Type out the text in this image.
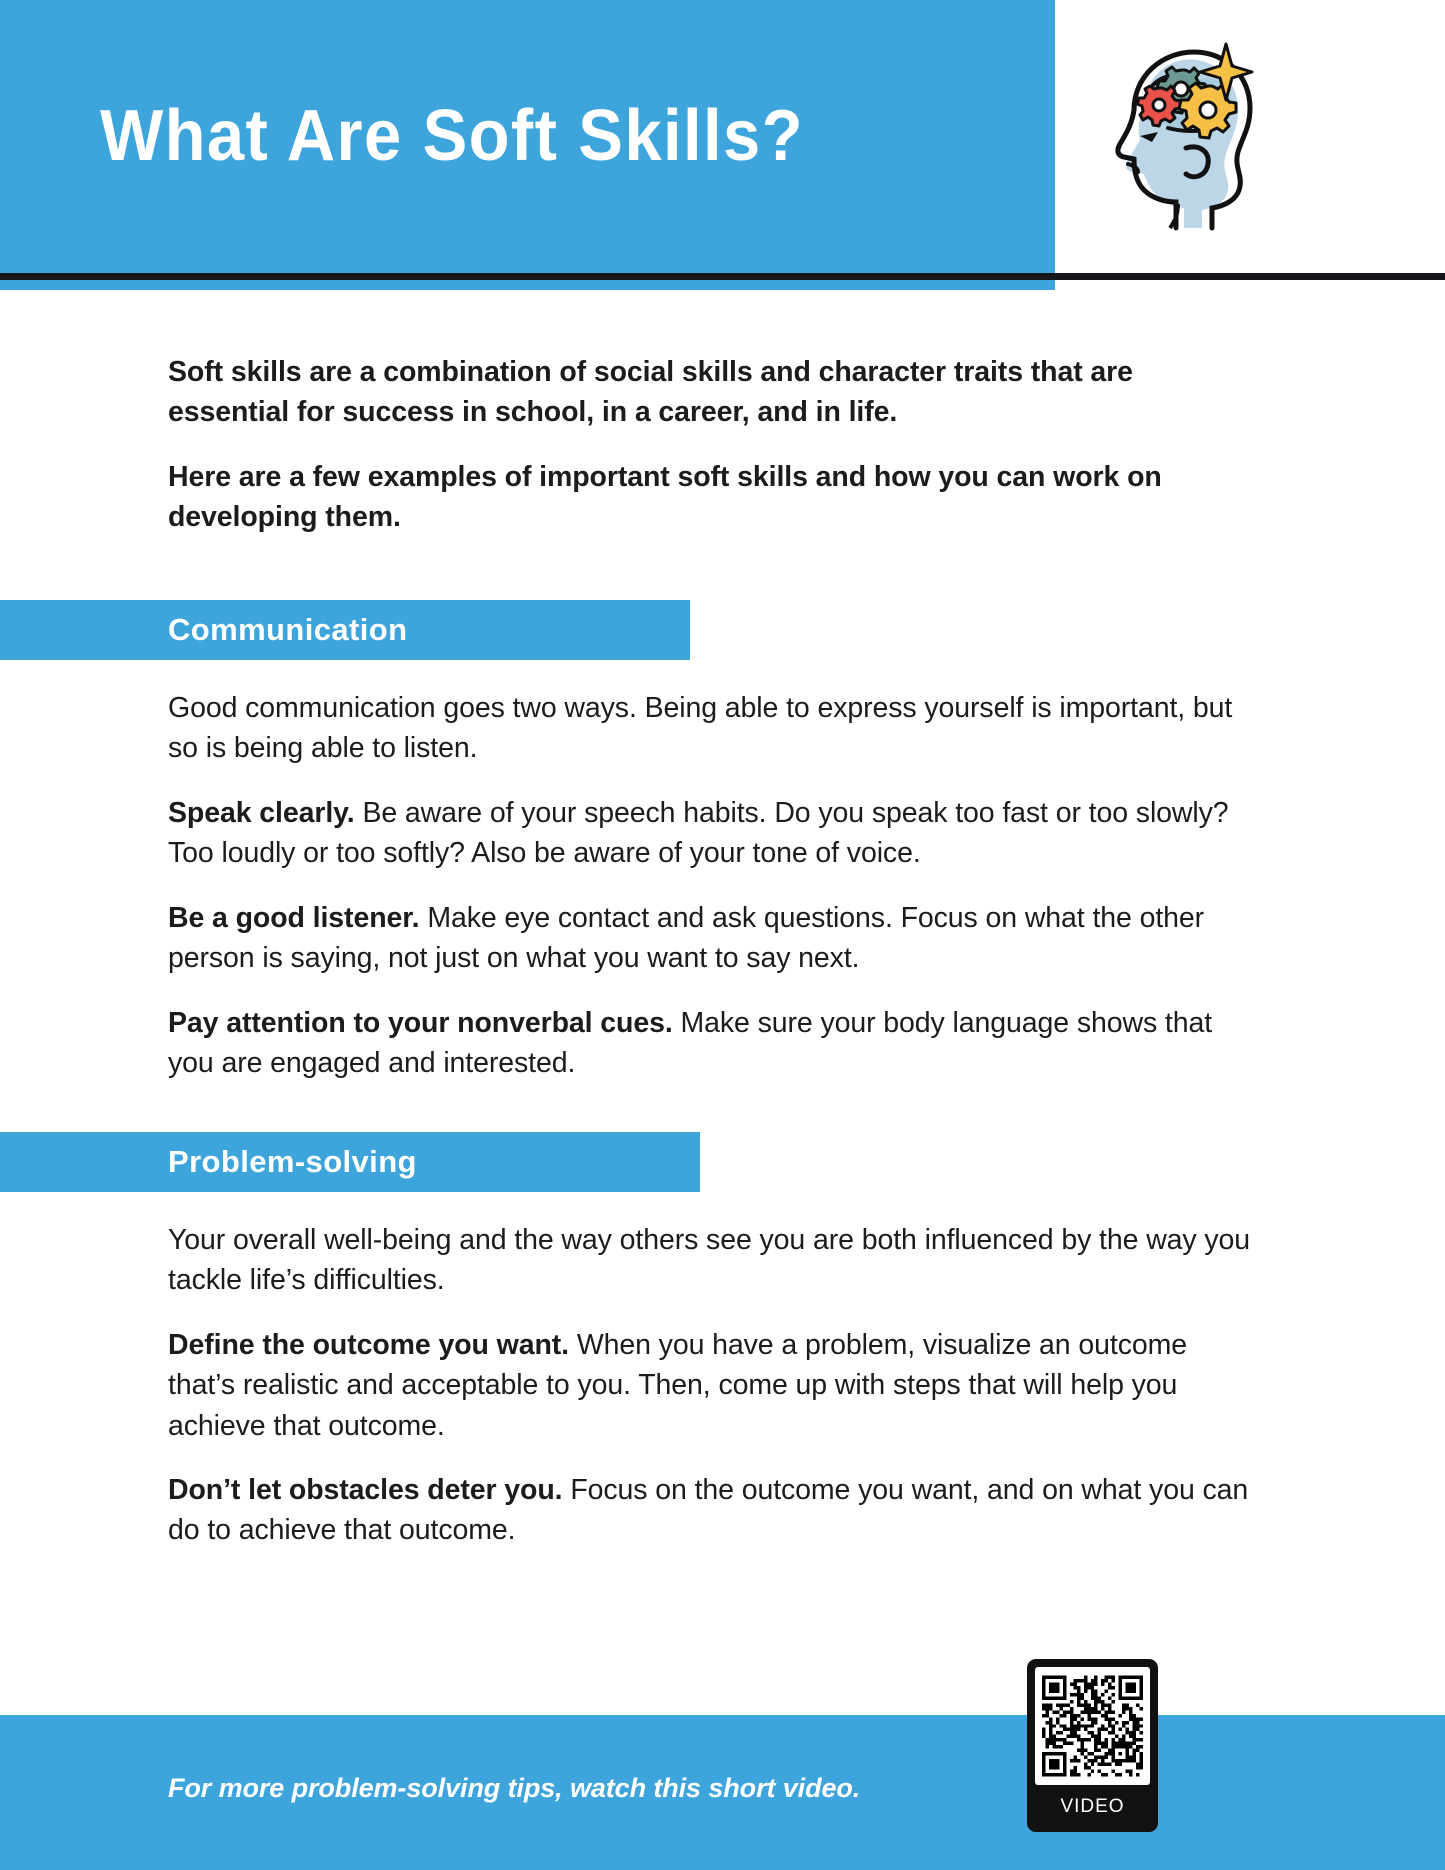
What Are Soft Skills?

Soft skills are a combination of social skills and character traits that are essential for success in school, in a career, and in life.

Here are a few examples of important soft skills and how you can work on developing them.

Communication

Good communication goes two ways. Being able to express yourself is important, but so is being able to listen.

Speak clearly. Be aware of your speech habits. Do you speak too fast or too slowly? Too loudly or too softly? Also be aware of your tone of voice.

Be a good listener. Make eye contact and ask questions. Focus on what the other person is saying, not just on what you want to say next.

Pay attention to your nonverbal cues. Make sure your body language shows that you are engaged and interested.

Problem-solving

Your overall well-being and the way others see you are both influenced by the way you tackle life’s difficulties.

Define the outcome you want. When you have a problem, visualize an outcome that’s realistic and acceptable to you. Then, come up with steps that will help you achieve that outcome.

Don’t let obstacles deter you. Focus on the outcome you want, and on what you can do to achieve that outcome.

For more problem-solving tips, watch this short video.
VIDEO
